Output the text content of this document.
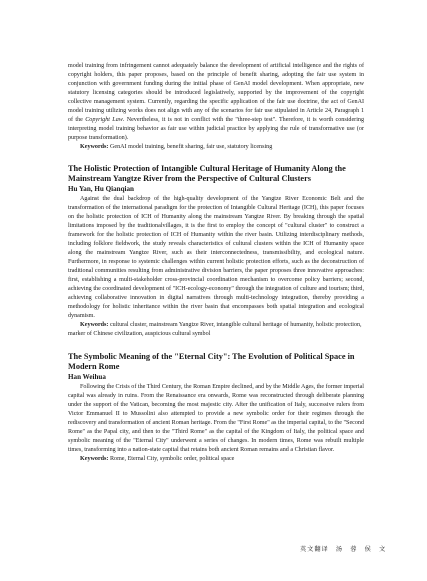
model training from infringement cannot adequately balance the development of artificial intelligence and the rights of copyright holders, this paper proposes, based on the principle of benefit sharing, adopting the fair use system in conjunction with government funding during the initial phase of GenAI model development. When appropriate, new statutory licensing categories should be introduced legislatively, supported by the improvement of the copyright collective management system. Currently, regarding the specific application of the fair use doctrine, the act of GenAI model training utilizing works does not align with any of the scenarios for fair use stipulated in Article 24, Paragraph 1 of the Copyright Law. Nevertheless, it is not in conflict with the "three-step test". Therefore, it is worth considering interpreting model training behavior as fair use within judicial practice by applying the rule of transformative use (or purpose transformation).

Keywords: GenAI model training, benefit sharing, fair use, statutory licensing

The Holistic Protection of Intangible Cultural Heritage of Humanity Along the Mainstream Yangtze River from the Perspective of Cultural Clusters

Hu Yan, Hu Qianqian

Against the dual backdrop of the high-quality development of the Yangtze River Economic Belt and the transformation of the international paradigm for the protection of Intangible Cultural Heritage (ICH), this paper focuses on the holistic protection of ICH of Humanity along the mainstream Yangtze River. By breaking through the spatial limitations imposed by the traditionalvillages, it is the first to employ the concept of "cultural cluster" to construct a framework for the holistic protection of ICH of Humanity within the river basin. Utilizing interdisciplinary methods, including folklore fieldwork, the study reveals characteristics of cultural clusters within the ICH of Humanity space along the mainstream Yangtze River, such as their interconnectedness, transmissibility, and ecological nature. Furthermore, in response to systemic challenges within current holistic protection efforts, such as the deconstruction of traditional communities resulting from administrative division barriers, the paper proposes three innovative approaches: first, establishing a multi-stakeholder cross-provincial coordination mechanism to overcome policy barriers; second, achieving the coordinated development of "ICH-ecology-economy" through the integration of culture and tourism; third, achieving collaborative innovation in digital narratives through multi-technology integration, thereby providing a methodology for holistic inheritance within the river basin that encompasses both spatial integration and ecological dynamism.

Keywords: cultural cluster, mainstream Yangtze River, intangible cultural heritage of humanity, holistic protection, marker of Chinese civilization, auspicious cultural symbol

The Symbolic Meaning of the "Eternal City": The Evolution of Political Space in Modern Rome

Han Weihua

Following the Crisis of the Third Century, the Roman Empire declined, and by the Middle Ages, the former imperial capital was already in ruins. From the Renaissance era onwards, Rome was reconstructed through deliberate planning under the support of the Vatican, becoming the most majestic city. After the unification of Italy, successive rulers from Victor Emmanuel II to Mussolini also attempted to provide a new symbolic order for their regimes through the rediscovery and transformation of ancient Roman heritage. From the "First Rome" as the imperial capital, to the "Second Rome" as the Papal city, and then to the "Third Rome" as the capital of the Kingdom of Italy, the political space and symbolic meaning of the "Eternal City" underwent a series of changes. In modern times, Rome was rebuilt multiple times, transforming into a nation-state capital that retains both ancient Roman remains and a Christian flavor.

Keywords: Rome, Eternal City, symbolic order, political space

英文翻译　汤　蓉　侯　文
